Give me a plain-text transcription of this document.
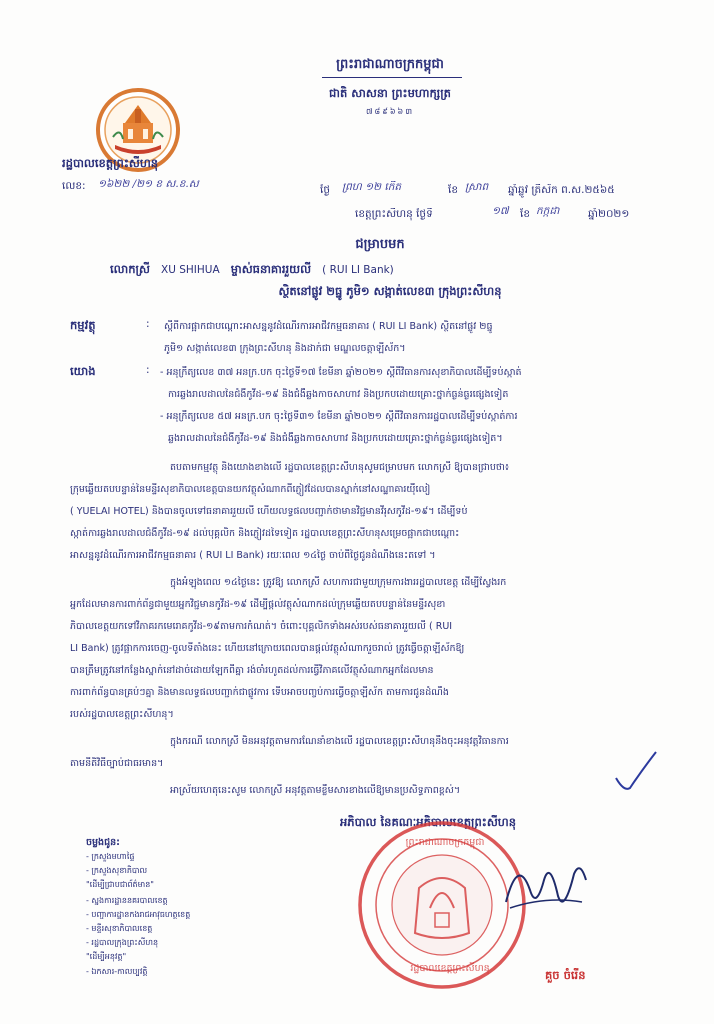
ព្រះរាជាណាចក្រកម្ពុជា
ជាតិ សាសនា ព្រះមហាក្សត្រ
៧៨៩៦៦៣
រដ្ឋបាលខេត្តព្រះសីហនុ
លេខ:	១៦២២ /២១ ខ ស.ខ.ស	ថ្ងៃ	ព្រហ ១២ កើត	ខែ ស្រាព	ឆ្នាំឆ្លូវ ត្រីស័ក ព.ស.២៥៦៥
ខេត្តព្រះសីហនុ ថ្ងៃទី	១៧	ខែ កក្កដា	ឆ្នាំ២០២១
ជម្រាបមក
លោកស្រី XU SHIHUA ម្ចាស់ធនាគាររួយលី ( RUI LI Bank)
ស្ថិតនៅផ្លូវ ២ធ្នូ ភូមិ១ សង្កាត់លេខ៣ ក្រុងព្រះសីហនុ
កម្មវត្ថុ	:	ស្តីពីការផ្អាកជាបណ្តោះអាសន្ននូវដំណើរការអាជីវកម្មធនាគារ ( RUI LI Bank) ស្ថិតនៅផ្លូវ ២ធ្នូ
ភូមិ១ សង្កាត់លេខ៣ ក្រុងព្រះសីហនុ និងដាក់ជា មណ្ឌលចត្តាឡីស័ក។
យោង	:	- អនុក្រឹត្យលេខ ៣៧ អនក្រ.បក ចុះថ្ងៃទី១៧ ខែមីនា ឆ្នាំ២០២១ ស្តីពីវិធានការសុខាភិបាលដើម្បីទប់ស្កាត់
ការឆ្លងរាលដាលនៃជំងឺកូវីដ-១៩ និងជំងឺឆ្លងកាចសាហាវ និងប្រកបដោយគ្រោះថ្នាក់ធ្ងន់ធ្ងរផ្សេងទៀត
- អនុក្រឹត្យលេខ ៥៧ អនក្រ.បក ចុះថ្ងៃទី៣១ ខែមីនា ឆ្នាំ២០២១ ស្តីពីវិធានការរដ្ឋបាលដើម្បីទប់ស្កាត់ការ
ឆ្លងរាលដាលនៃជំងឺកូវីដ-១៩ និងជំងឺឆ្លងកាចសាហាវ និងប្រកបដោយគ្រោះថ្នាក់ធ្ងន់ធ្ងរផ្សេងទៀត។
តបតាមកម្មវត្ថុ និងយោងខាងលើ រដ្ឋបាលខេត្តព្រះសីហនុសូមជម្រាបមក លោកស្រី ឱ្យបានជ្រាបថា៖
ក្រុមឆ្លើយតបបន្ទាន់នៃមន្ទីរសុខាភិបាលខេត្តបានយកវត្ថុសំណាកពីភ្ញៀវដែលបានស្នាក់នៅសណ្ឋាគារយ៉ឺលៀ
( YUELAI HOTEL) និងបានចូលទៅធនាគាររួយលី ហើយលទ្ធផលបញ្ជាក់ថាមានវិជ្ជមានវីរុសកូវីដ-១៩។ ដើម្បីទប់
ស្កាត់ការឆ្លងរាលដាលជំងឺកូវីដ-១៩ ដល់បុគ្គលិក និងភ្ញៀវដទៃទៀត រដ្ឋបាលខេត្តព្រះសីហនុសម្រេចផ្អាកជាបណ្តោះ
អាសន្ននូវដំណើរការអាជីវកម្មធនាគារ ( RUI LI Bank) រយៈពេល ១៤ថ្ងៃ ចាប់ពីថ្ងៃជូនដំណឹងនេះតទៅ ។
ក្នុងអំឡុងពេល ១៤ថ្ងៃនេះ ត្រូវឱ្យ លោកស្រី សហការជាមួយក្រុមការងាររដ្ឋបាលខេត្ត ដើម្បីស្វែងរក
អ្នកដែលមានការពាក់ព័ន្ធជាមួយអ្នកវិជ្ជមានកូវីដ-១៩ ដើម្បីផ្តល់វត្ថុសំណាកដល់ក្រុមឆ្លើយតបបន្ទាន់នៃមន្ទីរសុខា
ភិបាលខេត្តយកទៅវិភាគរកមេរោគកូវីដ-១៩តាមការកំណត់។ ចំពោះបុគ្គលិកទាំងអស់របស់ធនាគាររួយលី ( RUI
LI Bank) ត្រូវផ្អាកការចេញ-ចូលទីតាំងនេះ ហើយនៅក្រោយពេលបានផ្តល់វត្ថុសំណាករួចរាល់ ត្រូវធ្វើចត្តាឡីស័កឱ្យ
បានត្រឹមត្រូវនៅកន្លែងស្នាក់នៅដាច់ដោយឡែកពីគ្នា រង់ចាំរហូតដល់ការធ្វើវិភាគលើវត្ថុសំណាកអ្នកដែលមាន
ការពាក់ព័ន្ធបានគ្រប់ៗគ្នា និងមានលទ្ធផលបញ្ជាក់ជាផ្លូវការ ទើបអាចបញ្ចប់ការធ្វើចត្តាឡីស័ក តាមការជូនដំណឹង
របស់រដ្ឋបាលខេត្តព្រះសីហនុ។
ក្នុងករណី លោកស្រី មិនអនុវត្តតាមការណែនាំខាងលើ រដ្ឋបាលខេត្តព្រះសីហនុនឹងចុះអនុវត្តវិធានការ
តាមនីតិវិធីច្បាប់ជាធរមាន។
អាស្រ័យហេតុនេះសូម លោកស្រី អនុវត្តតាមខ្លឹមសារខាងលើឱ្យមានប្រសិទ្ធភាពខ្ពស់។
អភិបាល នៃគណៈអភិបាលខេត្តព្រះសីហនុ
ព្រះរាជាណាចក្រកម្ពុជា
រដ្ឋបាលខេត្តព្រះសីហនុ	គួច ចំរើន
ចម្លងជូន:
- ក្រសួងមហាផ្ទៃ
- ក្រសួងសុខាភិបាល
"ដើម្បីជ្រាបជាព័ត៌មាន"
- ស្នងការដ្ឋាននគរបាលខេត្ត
- បញ្ជាការដ្ឋានកងរាជអាវុធហត្ថខេត្ត
- មន្ទីរសុខាភិបាលខេត្ត
- រដ្ឋបាលក្រុងព្រះសីហនុ
"ដើម្បីអនុវត្ត"
- ឯកសារ-កាលប្បវត្តិ
